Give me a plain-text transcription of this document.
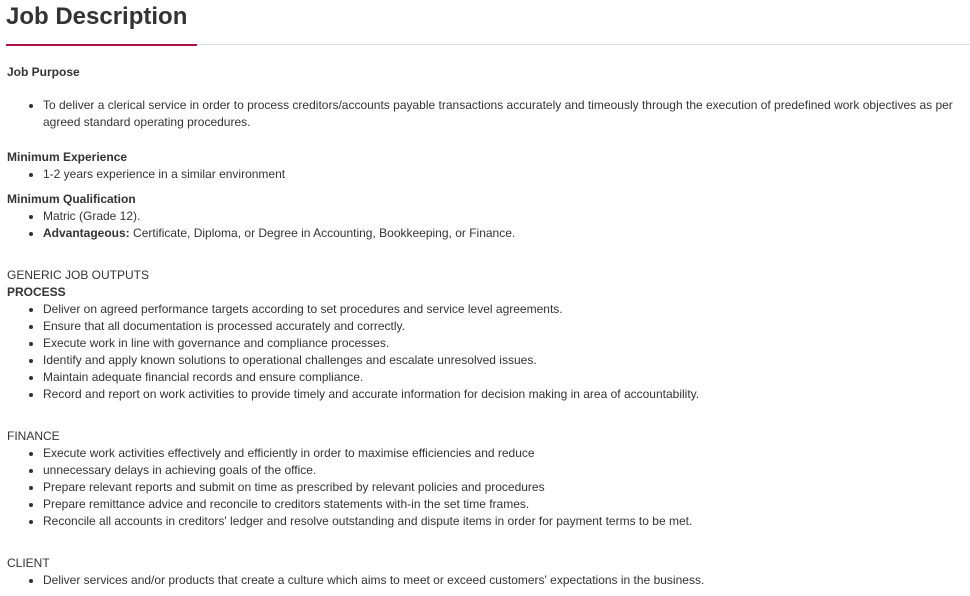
Job Description

Job Purpose

• To deliver a clerical service in order to process creditors/accounts payable transactions accurately and timeously through the execution of predefined work objectives as per agreed standard operating procedures.

Minimum Experience

• 1-2 years experience in a similar environment

Minimum Qualification

• Matric (Grade 12).
• Advantageous: Certificate, Diploma, or Degree in Accounting, Bookkeeping, or Finance.

GENERIC JOB OUTPUTS

PROCESS

• Deliver on agreed performance targets according to set procedures and service level agreements.
• Ensure that all documentation is processed accurately and correctly.
• Execute work in line with governance and compliance processes.
• Identify and apply known solutions to operational challenges and escalate unresolved issues.
• Maintain adequate financial records and ensure compliance.
• Record and report on work activities to provide timely and accurate information for decision making in area of accountability.

FINANCE

• Execute work activities effectively and efficiently in order to maximise efficiencies and reduce
• unnecessary delays in achieving goals of the office.
• Prepare relevant reports and submit on time as prescribed by relevant policies and procedures
• Prepare remittance advice and reconcile to creditors statements with-in the set time frames.
• Reconcile all accounts in creditors' ledger and resolve outstanding and dispute items in order for payment terms to be met.

CLIENT

• Deliver services and/or products that create a culture which aims to meet or exceed customers' expectations in the business.
